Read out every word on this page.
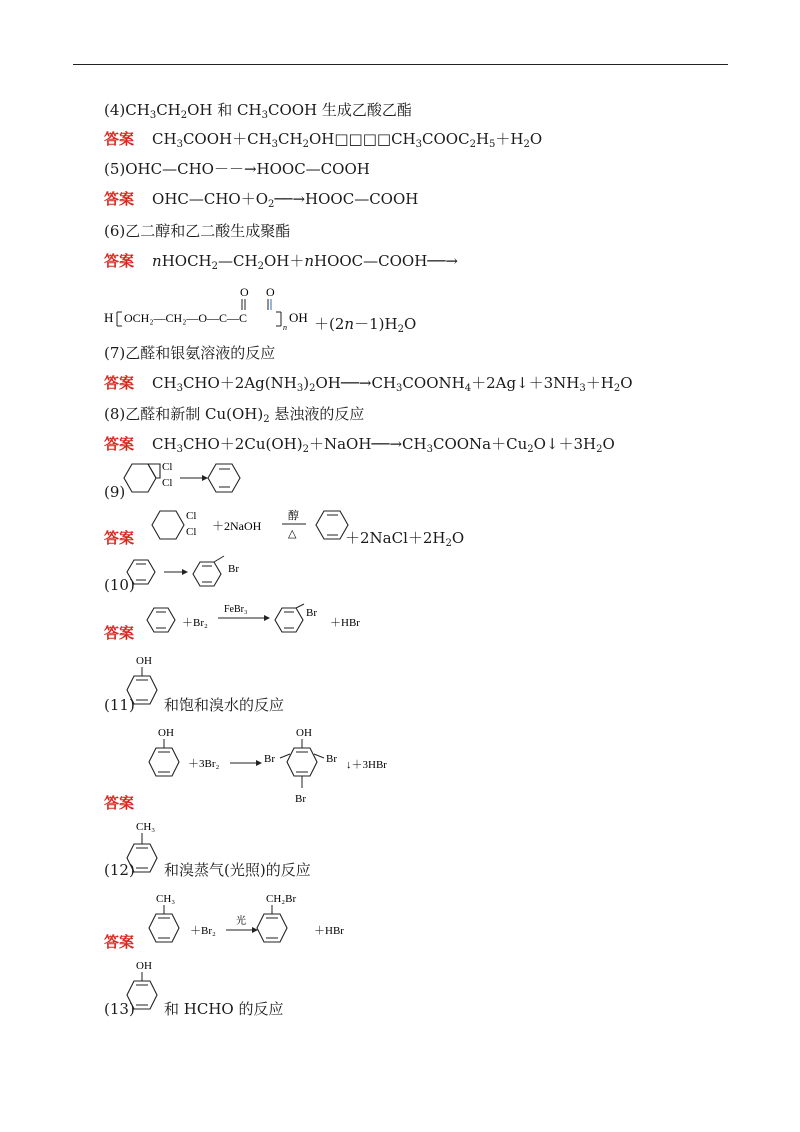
$(4)CH_3CH_2OH$ 和 $CH_3COOH$ 生成乙酸乙酯
答案 $CH_3COOH+CH_3CH_2OH□□□□CH_3COOC_2H_5+H_2O$
(5)OHC—CHO－－→HOOC—COOH
答案 $OHC—CHO+O_2──\to HOOC—COOH$
(6)乙二醇和乙二酸生成聚酯
答案 $nHOCH_2—CH_2OH+nHOOC—COOH──\to$
H OCH₂—CH₂—O—C—C
O O
n
OH $+(2n-1)H_2O$
(7)乙醛和银氨溶液的反应
答案 $CH_3CHO+2Ag(NH_3)_2OH──\to CH_3COONH_4+2Ag↓+3NH_3+H_2O$
(8)乙醛和新制 $Cu(OH)_2$ 悬浊液的反应
答案 $CH_3CHO+2Cu(OH)_2+NaOH──\to CH_3COONa+Cu_2O↓+3H_2O$
(9)
Cl
Cl
答案
Cl
Cl ＋2NaOH
醇
△	$+2NaCl+2H_2O$
(10)
Br
答案
＋Br₂
FeBr₃	Br
＋HBr
OH
(11) 和饱和溴水的反应
OH
＋3Br₂
OH
Br	Br
Br
↓＋3HBr
答案
CH₃
(12) 和溴蒸气(光照)的反应
CH₃
＋Br₂
光
CH₂Br
＋HBr
答案
OH
(13) 和 HCHO 的反应
